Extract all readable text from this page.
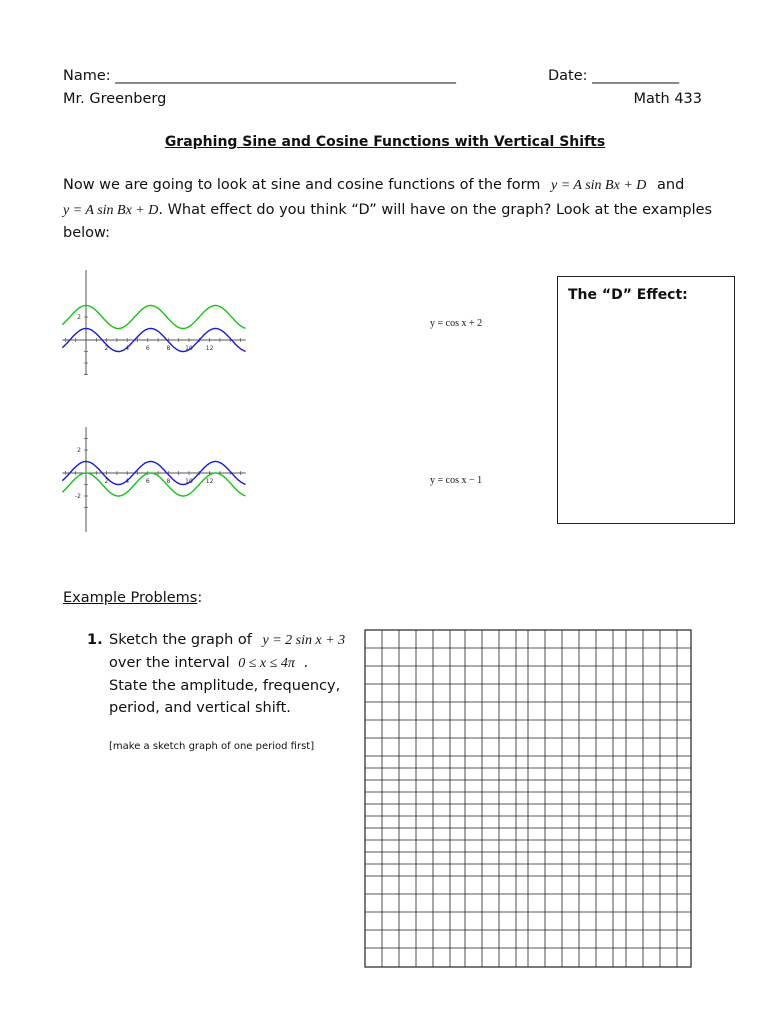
Name: _______________________________________________	Date: ____________
Mr. Greenberg	Math 433
Graphing Sine and Cosine Functions with Vertical Shifts
Now we are going to look at sine and cosine functions of the form y = A sin Bx + D and
y = A sin Bx + D. What effect do you think “D” will have on the graph? Look at the examples
below:
2	4	6	8 10 12
2
y = cos x + 2
2	4	6	8 10 12
2
-2
y = cos x − 1
The “D” Effect:
Example Problems:
1. Sketch the graph of y = 2 sin x + 3
over the interval 0 ≤ x ≤ 4π .
State the amplitude, frequency,
period, and vertical shift.
[make a sketch graph of one period first]
